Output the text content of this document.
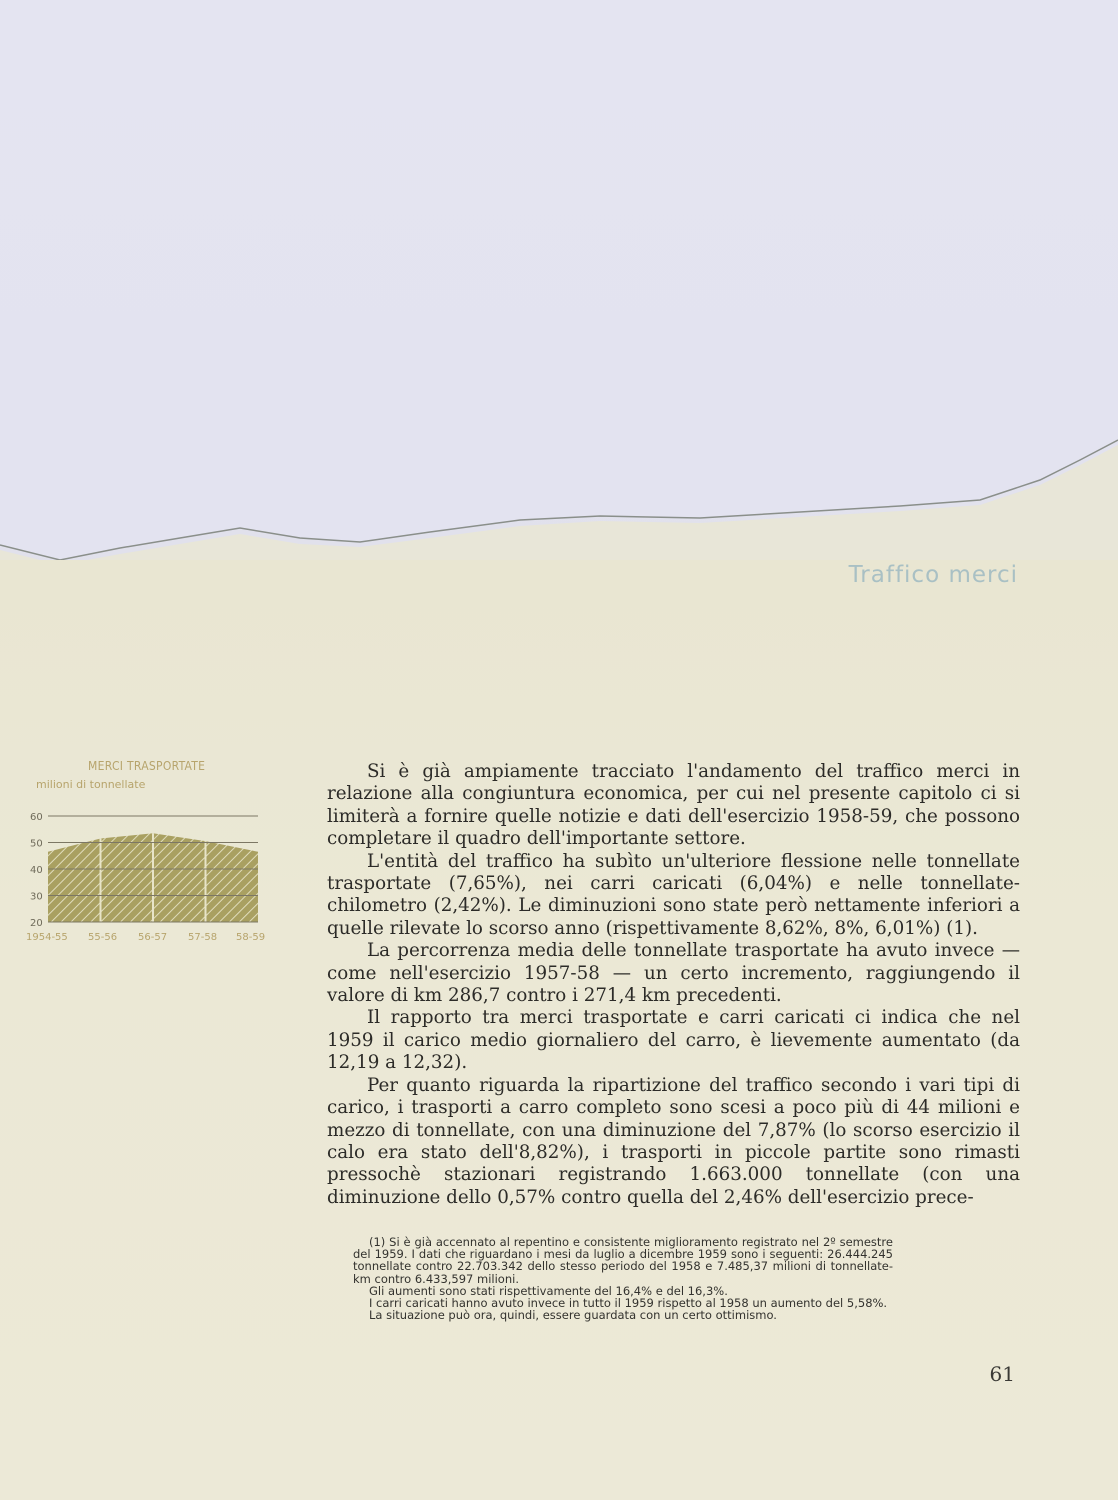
Traffico merci
MERCI TRASPORTATE
milioni di tonnellate
60
50
40
30
20
1954-55 55-56 56-57 57-58 58-59

Si è già ampiamente tracciato l'andamento del traffico merci in relazione alla congiuntura economica, per cui nel presente capitolo ci si limiterà a fornire quelle notizie e dati dell'esercizio 1958-59, che possono completare il quadro dell'importante settore.

L'entità del traffico ha subìto un'ulteriore flessione nelle tonnellate trasportate (7,65%), nei carri caricati (6,04%) e nelle tonnellate-chilometro (2,42%). Le diminuzioni sono state però nettamente inferiori a quelle rilevate lo scorso anno (rispettivamente 8,62%, 8%, 6,01%) (1).

La percorrenza media delle tonnellate trasportate ha avuto invece — come nell'esercizio 1957-58 — un certo incremento, raggiungendo il valore di km 286,7 contro i 271,4 km precedenti.

Il rapporto tra merci trasportate e carri caricati ci indica che nel 1959 il carico medio giornaliero del carro, è lievemente aumentato (da 12,19 a 12,32).

Per quanto riguarda la ripartizione del traffico secondo i vari tipi di carico, i trasporti a carro completo sono scesi a poco più di 44 milioni e mezzo di tonnellate, con una diminuzione del 7,87% (lo scorso esercizio il calo era stato dell'8,82%), i trasporti in piccole partite sono rimasti pressochè stazionari registrando 1.663.000 tonnellate (con una diminuzione dello 0,57% contro quella del 2,46% dell'esercizio prece-

(1) Si è già accennato al repentino e consistente miglioramento registrato nel 2º semestre del 1959. I dati che riguardano i mesi da luglio a dicembre 1959 sono i seguenti: 26.444.245 tonnellate contro 22.703.342 dello stesso periodo del 1958 e 7.485,37 milioni di tonnellate-km contro 6.433,597 milioni.

Gli aumenti sono stati rispettivamente del 16,4% e del 16,3%.

I carri caricati hanno avuto invece in tutto il 1959 rispetto al 1958 un aumento del 5,58%.

La situazione può ora, quindi, essere guardata con un certo ottimismo.

61
